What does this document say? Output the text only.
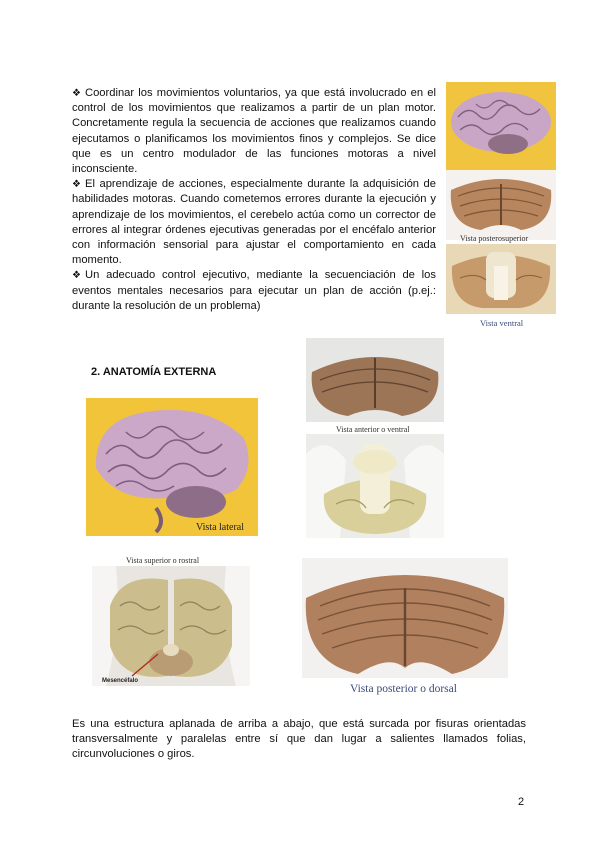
❖ Coordinar los movimientos voluntarios, ya que está involucrado en el control de los movimientos que realizamos a partir de un plan motor. Concretamente regula la secuencia de acciones que realizamos cuando ejecutamos o planificamos los movimientos finos y complejos. Se dice que es un centro modulador de las funciones motoras a nivel inconsciente.
❖ El aprendizaje de acciones, especialmente durante la adquisición de habilidades motoras. Cuando cometemos errores durante la ejecución y aprendizaje de los movimientos, el cerebelo actúa como un corrector de errores al integrar órdenes ejecutivas generadas por el encéfalo anterior con información sensorial para ajustar el comportamiento en cada momento.
❖ Un adecuado control ejecutivo, mediante la secuenciación de los eventos mentales necesarios para ejecutar un plan de acción (p.ej.: durante la resolución de un problema)
Vista posterosuperior
Vista ventral
2. ANATOMÍA EXTERNA
Vista anterior o ventral
Vista lateral
Vista superior o rostral
Mesencéfalo
Vista posterior o dorsal
Es una estructura aplanada de arriba a abajo, que está surcada por fisuras orientadas transversalmente y paralelas entre sí que dan lugar a salientes llamados folias, circunvoluciones o giros.
2
